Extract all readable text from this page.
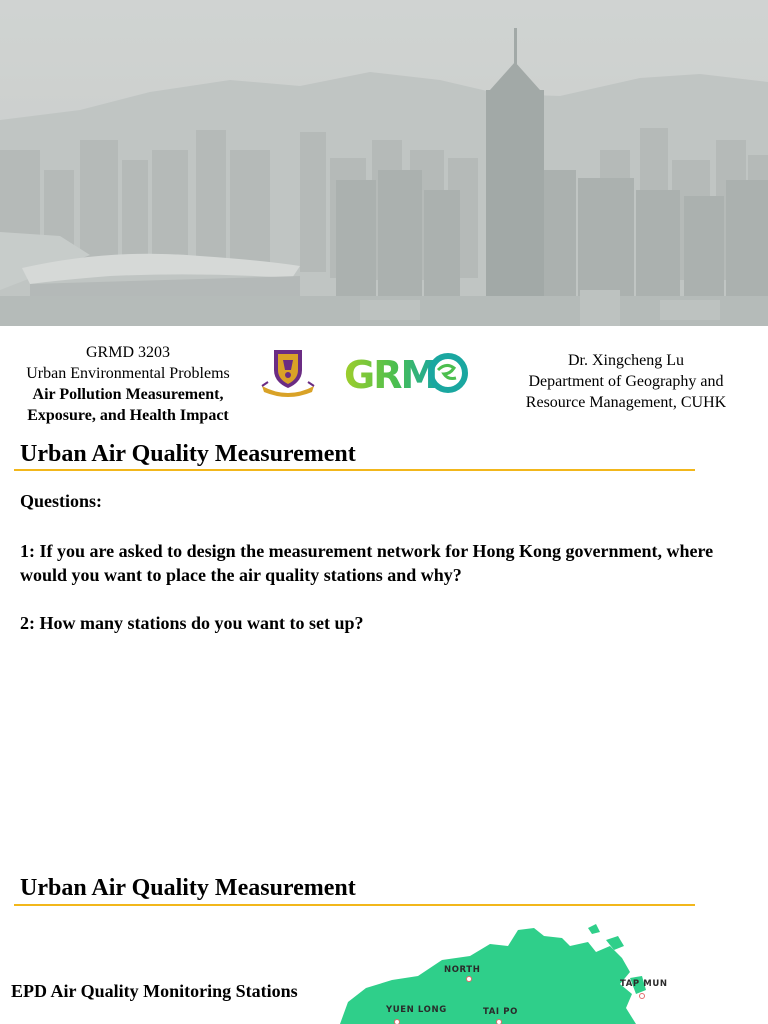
GRMD 3203
Urban Environmental Problems
Air Pollution Measurement,
Exposure, and Health Impact
GRM	Dr. Xingcheng Lu
Department of Geography and
Resource Management, CUHK
Urban Air Quality Measurement
Questions:
1: If you are asked to design the measurement network for Hong Kong government, where would you want to place the air quality stations and why?
2: How many stations do you want to set up?
Urban Air Quality Measurement
EPD Air Quality Monitoring Stations
NORTH
TAP MUN
YUEN LONG	TAI PO
